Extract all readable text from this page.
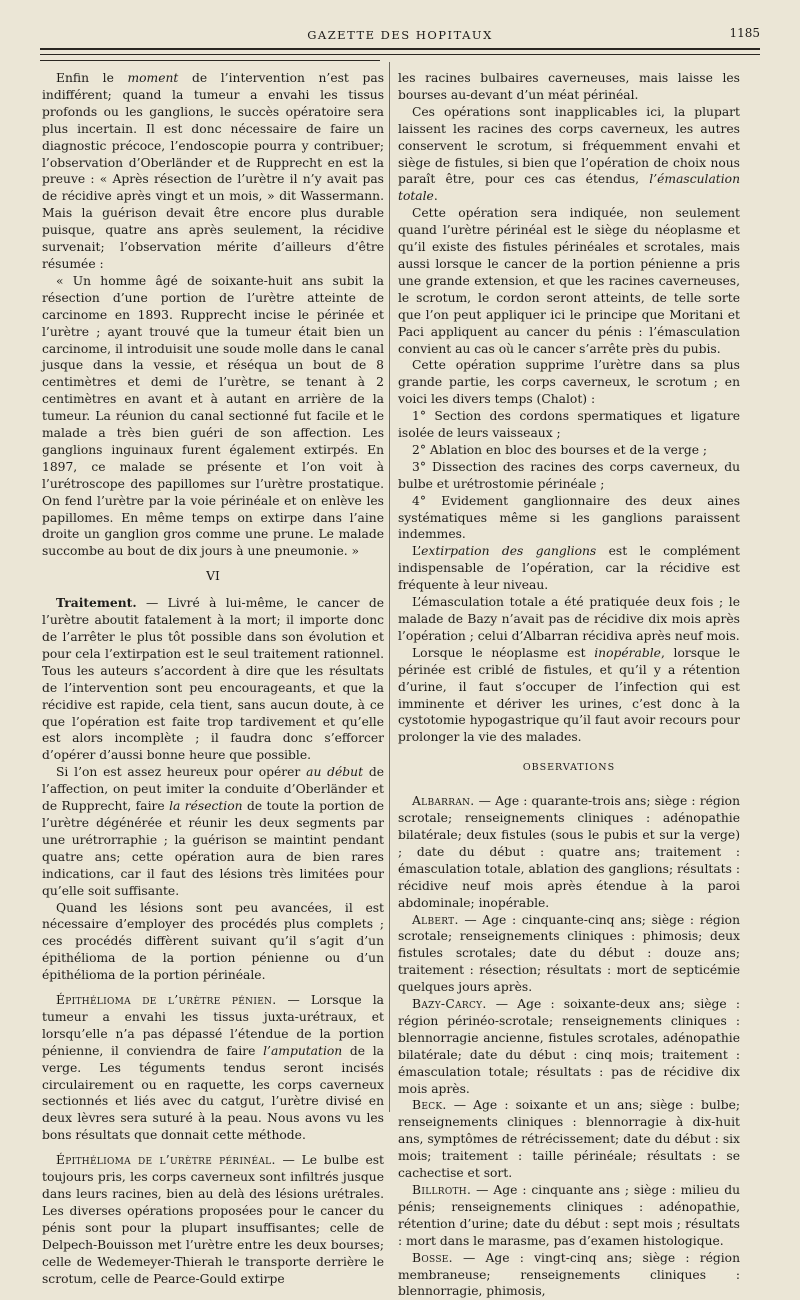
GAZETTE DES HOPITAUX	1185

Enfin le moment de l’intervention n’est pas indifférent; quand la tumeur a envahi les tissus profonds ou les ganglions, le succès opératoire sera plus incertain. Il est donc nécessaire de faire un diagnostic précoce, l’endoscopie pourra y contribuer; l’observation d’Oberländer et de Rupprecht en est la preuve : « Après résection de l’urètre il n’y avait pas de récidive après vingt et un mois, » dit Wassermann. Mais la guérison devait être encore plus durable puisque, quatre ans après seulement, la récidive survenait; l’observation mérite d’ailleurs d’être résumée :

« Un homme âgé de soixante-huit ans subit la résection d’une portion de l’urètre atteinte de carcinome en 1893. Rupprecht incise le périnée et l’urètre ; ayant trouvé que la tumeur était bien un carcinome, il introduisit une soude molle dans le canal jusque dans la vessie, et réséqua un bout de 8 centimètres et demi de l’urètre, se tenant à 2 centimètres en avant et à autant en arrière de la tumeur. La réunion du canal sectionné fut facile et le malade a très bien guéri de son affection. Les ganglions inguinaux furent également extirpés. En 1897, ce malade se présente et l’on voit à l’urétroscope des papillomes sur l’urètre prostatique. On fend l’urètre par la voie périnéale et on enlève les papillomes. En même temps on extirpe dans l’aine droite un ganglion gros comme une prune. Le malade succombe au bout de dix jours à une pneumonie. »

VI

Traitement. — Livré à lui-même, le cancer de l’urètre aboutit fatalement à la mort; il importe donc de l’arrêter le plus tôt possible dans son évolution et pour cela l’extirpation est le seul traitement rationnel. Tous les auteurs s’accordent à dire que les résultats de l’intervention sont peu encourageants, et que la récidive est rapide, cela tient, sans aucun doute, à ce que l’opération est faite trop tardivement et qu’elle est alors incomplète ; il faudra donc s’efforcer d’opérer d’aussi bonne heure que possible.

Si l’on est assez heureux pour opérer au début de l’affection, on peut imiter la conduite d’Oberländer et de Rupprecht, faire la résection de toute la portion de l’urètre dégénérée et réunir les deux segments par une urétrorraphie ; la guérison se maintint pendant quatre ans; cette opération aura de bien rares indications, car il faut des lésions très limitées pour qu’elle soit suffisante.

Quand les lésions sont peu avancées, il est nécessaire d’employer des procédés plus complets ; ces procédés diffèrent suivant qu’il s’agit d’un épithélioma de la portion pénienne ou d’un épithélioma de la portion périnéale.

Épithélioma de l’urètre pénien. — Lorsque la tumeur a envahi les tissus juxta-urétraux, et lorsqu’elle n’a pas dépassé l’étendue de la portion pénienne, il conviendra de faire l’amputation de la verge. Les téguments tendus seront incisés circulairement ou en raquette, les corps caverneux sectionnés et liés avec du catgut, l’urètre divisé en deux lèvres sera suturé à la peau. Nous avons vu les bons résultats que donnait cette méthode.

Épithélioma de l’urètre périnéal. — Le bulbe est toujours pris, les corps caverneux sont infiltrés jusque dans leurs racines, bien au delà des lésions urétrales. Les diverses opérations proposées pour le cancer du pénis sont pour la plupart insuffisantes; celle de Delpech-Bouisson met l’urètre entre les deux bourses; celle de Wedemeyer-Thierah le transporte derrière le scrotum, celle de Pearce-Gould extirpe

les racines bulbaires caverneuses, mais laisse les bourses au-devant d’un méat périnéal.

Ces opérations sont inapplicables ici, la plupart laissent les racines des corps caverneux, les autres conservent le scrotum, si fréquemment envahi et siège de fistules, si bien que l’opération de choix nous paraît être, pour ces cas étendus, l’émasculation totale.

Cette opération sera indiquée, non seulement quand l’urètre périnéal est le siège du néoplasme et qu’il existe des fistules périnéales et scrotales, mais aussi lorsque le cancer de la portion pénienne a pris une grande extension, et que les racines caverneuses, le scrotum, le cordon seront atteints, de telle sorte que l’on peut appliquer ici le principe que Moritani et Paci appliquent au cancer du pénis : l’émasculation convient au cas où le cancer s’arrête près du pubis.

Cette opération supprime l’urètre dans sa plus grande partie, les corps caverneux, le scrotum ; en voici les divers temps (Chalot) :

1° Section des cordons spermatiques et ligature isolée de leurs vaisseaux ;

2° Ablation en bloc des bourses et de la verge ;

3° Dissection des racines des corps caverneux, du bulbe et urétrostomie périnéale ;

4° Evidement ganglionnaire des deux aines systématiques même si les ganglions paraissent indemmes.

L’extirpation des ganglions est le complément indispensable de l’opération, car la récidive est fréquente à leur niveau.

L’émasculation totale a été pratiquée deux fois ; le malade de Bazy n’avait pas de récidive dix mois après l’opération ; celui d’Albarran récidiva après neuf mois.

Lorsque le néoplasme est inopérable, lorsque le périnée est criblé de fistules, et qu’il y a rétention d’urine, il faut s’occuper de l’infection qui est imminente et dériver les urines, c’est donc à la cystotomie hypogastrique qu’il faut avoir recours pour prolonger la vie des malades.

OBSERVATIONS

Albarran. — Age : quarante-trois ans; siège : région scrotale; renseignements cliniques : adénopathie bilatérale; deux fistules (sous le pubis et sur la verge) ; date du début : quatre ans; traitement : émasculation totale, ablation des ganglions; résultats : récidive neuf mois après étendue à la paroi abdominale; inopérable.

Albert. — Age : cinquante-cinq ans; siège : région scrotale; renseignements cliniques : phimosis; deux fistules scrotales; date du début : douze ans; traitement : résection; résultats : mort de septicémie quelques jours après.

Bazy-Carcy. — Age : soixante-deux ans; siège : région périnéo-scrotale; renseignements cliniques : blennorragie ancienne, fistules scrotales, adénopathie bilatérale; date du début : cinq mois; traitement : émasculation totale; résultats : pas de récidive dix mois après.

Beck. — Age : soixante et un ans; siège : bulbe; renseignements cliniques : blennorragie à dix-huit ans, symptômes de rétrécissement; date du début : six mois; traitement : taille périnéale; résultats : se cachectise et sort.

Billroth. — Age : cinquante ans ; siège : milieu du pénis; renseignements cliniques : adénopathie, rétention d’urine; date du début : sept mois ; résultats : mort dans le marasme, pas d’examen histologique.

Bosse. — Age : vingt-cinq ans; siège : région membraneuse; renseignements cliniques : blennorragie, phimosis,
